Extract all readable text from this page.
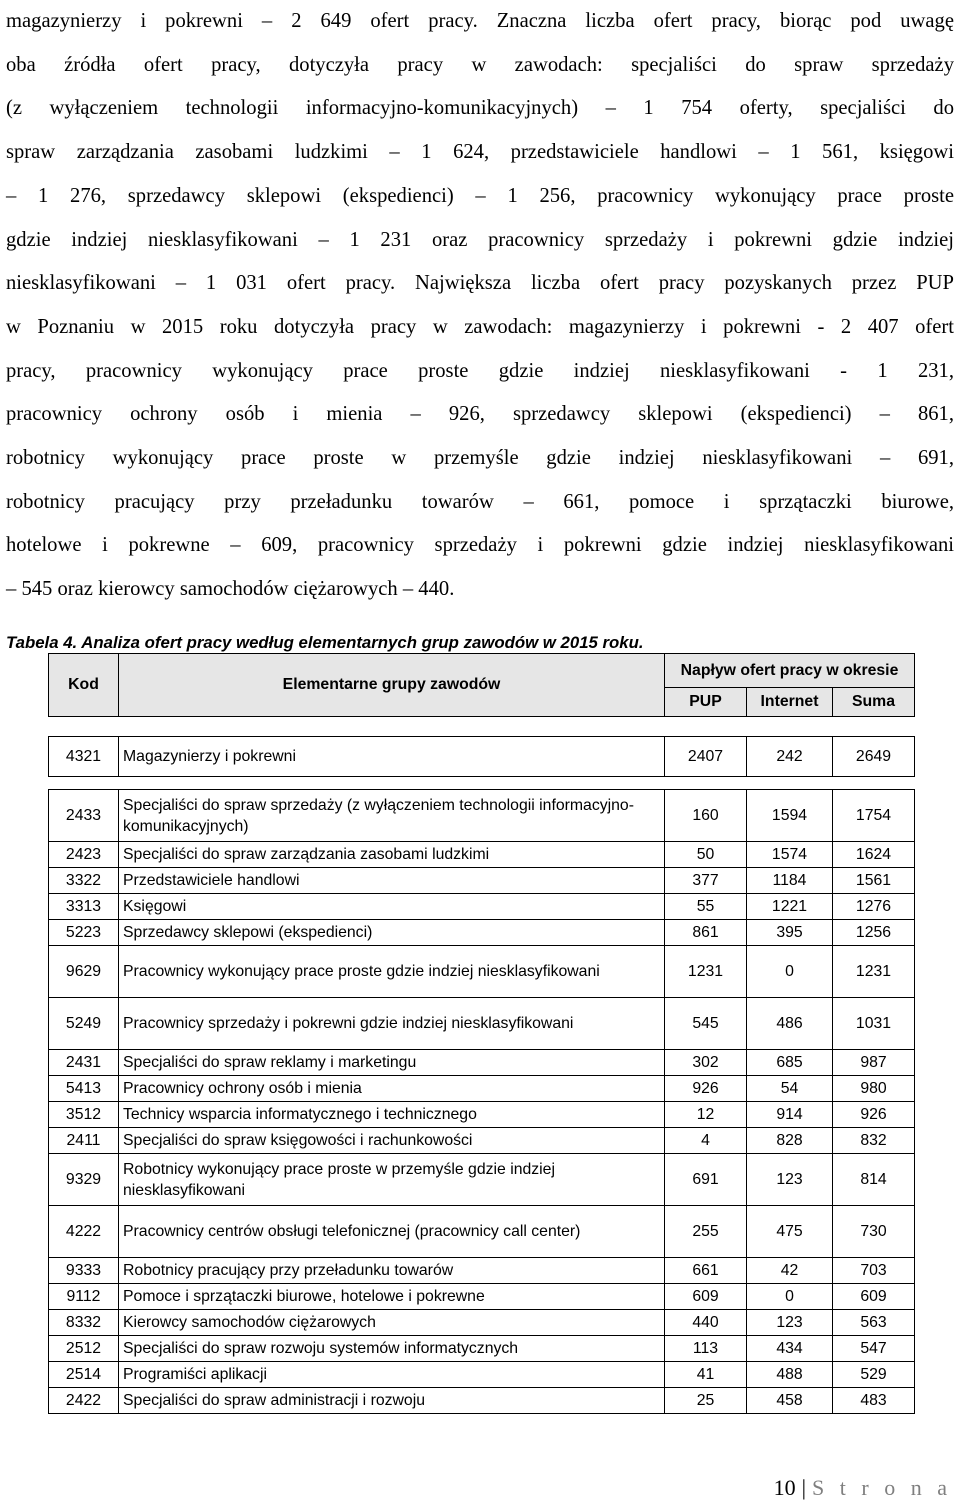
magazynierzy i pokrewni – 2 649 ofert pracy. Znaczna liczba ofert pracy, biorąc pod uwagę
oba źródła ofert pracy, dotyczyła pracy w zawodach: specjaliści do spraw sprzedaży
(z wyłączeniem technologii informacyjno-komunikacyjnych) – 1 754 oferty, specjaliści do
spraw zarządzania zasobami ludzkimi – 1 624, przedstawiciele handlowi – 1 561, księgowi
– 1 276, sprzedawcy sklepowi (ekspedienci) – 1 256, pracownicy wykonujący prace proste
gdzie indziej niesklasyfikowani – 1 231 oraz pracownicy sprzedaży i pokrewni gdzie indziej
niesklasyfikowani – 1 031 ofert pracy. Największa liczba ofert pracy pozyskanych przez PUP
w Poznaniu w 2015 roku dotyczyła pracy w zawodach: magazynierzy i pokrewni - 2 407 ofert
pracy, pracownicy wykonujący prace proste gdzie indziej niesklasyfikowani - 1 231,
pracownicy ochrony osób i mienia – 926, sprzedawcy sklepowi (ekspedienci) – 861,
robotnicy wykonujący prace proste w przemyśle gdzie indziej niesklasyfikowani – 691,
robotnicy pracujący przy przeładunku towarów – 661, pomoce i sprzątaczki biurowe,
hotelowe i pokrewne – 609, pracownicy sprzedaży i pokrewni gdzie indziej niesklasyfikowani
– 545 oraz kierowcy samochodów ciężarowych – 440.
Tabela 4. Analiza ofert pracy według elementarnych grup zawodów w 2015 roku.
Kod	Elementarne grupy zawodów	Napływ ofert pracy w okresie		
		PUP	Internet	Suma

4321	Magazynierzy i pokrewni	2407	242	2649

2433	Specjaliści do spraw sprzedaży (z wyłączeniem technologii informacyjno-komunikacyjnych)	160	1594	1754
2423	Specjaliści do spraw zarządzania zasobami ludzkimi	50	1574	1624
3322	Przedstawiciele handlowi	377	1184	1561
3313	Księgowi	55	1221	1276
5223	Sprzedawcy sklepowi (ekspedienci)	861	395	1256
9629	Pracownicy wykonujący prace proste gdzie indziej niesklasyfikowani	1231	0	1231
5249	Pracownicy sprzedaży i pokrewni gdzie indziej niesklasyfikowani	545	486	1031
2431	Specjaliści do spraw reklamy i marketingu	302	685	987
5413	Pracownicy ochrony osób i mienia	926	54	980
3512	Technicy wsparcia informatycznego i technicznego	12	914	926
2411	Specjaliści do spraw księgowości i rachunkowości	4	828	832
9329	Robotnicy wykonujący prace proste w przemyśle gdzie indziej niesklasyfikowani	691	123	814
4222	Pracownicy centrów obsługi telefonicznej (pracownicy call center)	255	475	730
9333	Robotnicy pracujący przy przeładunku towarów	661	42	703
9112	Pomoce i sprzątaczki biurowe, hotelowe i pokrewne	609	0	609
8332	Kierowcy samochodów ciężarowych	440	123	563
2512	Specjaliści do spraw rozwoju systemów informatycznych	113	434	547
2514	Programiści aplikacji	41	488	529
2422	Specjaliści do spraw administracji i rozwoju	25	458	483
10 | S t r o n a
